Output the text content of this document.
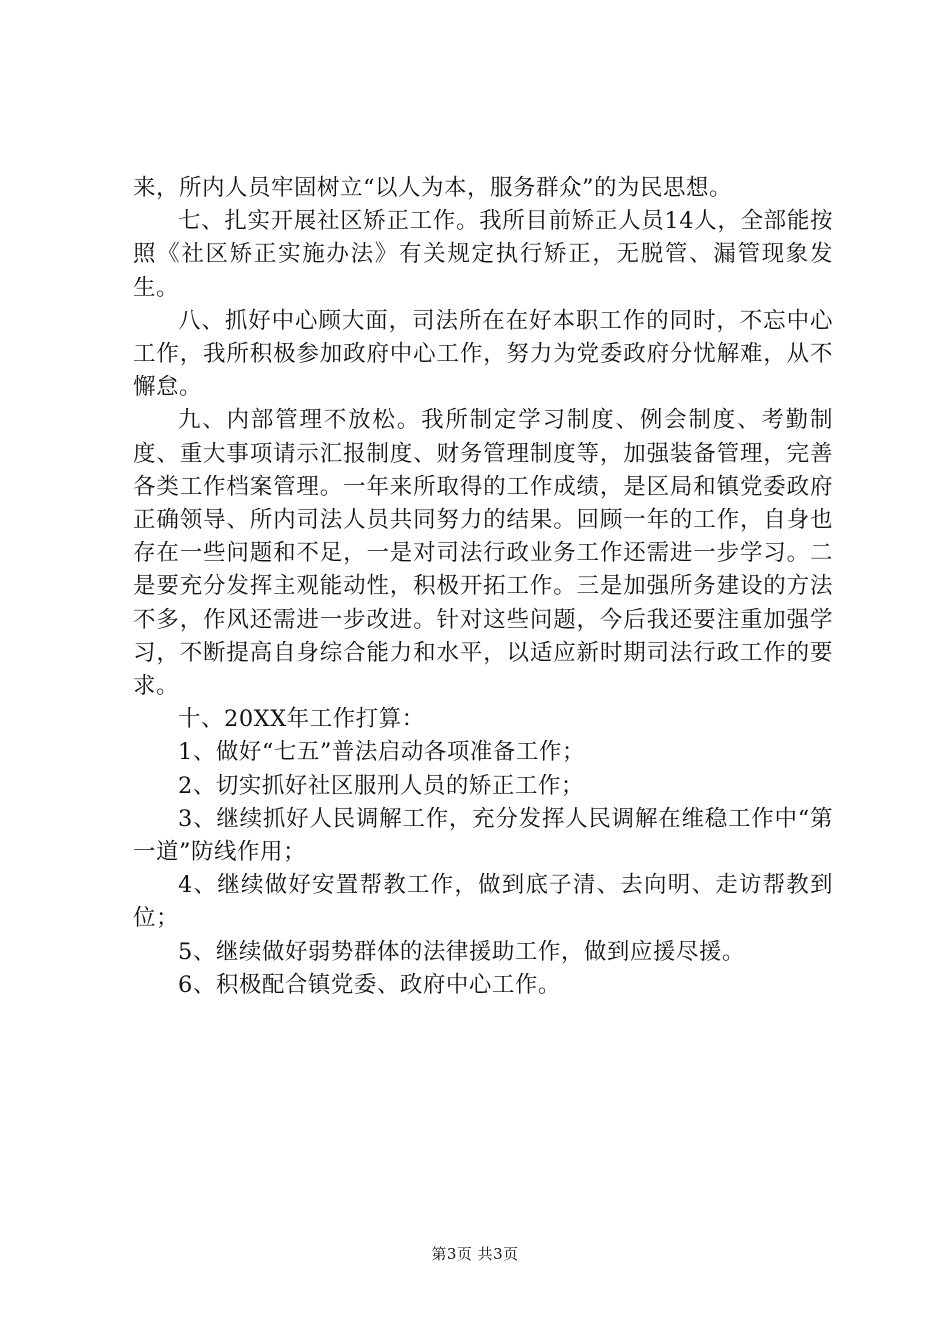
来，所内人员牢固树立“以人为本，服务群众”的为民思想。

七、扎实开展社区矫正工作。我所目前矫正人员14人，全部能按照《社区矫正实施办法》有关规定执行矫正，无脱管、漏管现象发生。

八、抓好中心顾大面，司法所在在好本职工作的同时，不忘中心工作，我所积极参加政府中心工作，努力为党委政府分忧解难，从不懈怠。

九、内部管理不放松。我所制定学习制度、例会制度、考勤制度、重大事项请示汇报制度、财务管理制度等，加强装备管理，完善各类工作档案管理。一年来所取得的工作成绩，是区局和镇党委政府正确领导、所内司法人员共同努力的结果。回顾一年的工作，自身也存在一些问题和不足，一是对司法行政业务工作还需进一步学习。二是要充分发挥主观能动性，积极开拓工作。三是加强所务建设的方法不多，作风还需进一步改进。针对这些问题，今后我还要注重加强学习，不断提高自身综合能力和水平，以适应新时期司法行政工作的要求。

十、20XX年工作打算：

1、做好“七五”普法启动各项准备工作；

2、切实抓好社区服刑人员的矫正工作；

3、继续抓好人民调解工作，充分发挥人民调解在维稳工作中“第一道”防线作用；

4、继续做好安置帮教工作，做到底子清、去向明、走访帮教到位；

5、继续做好弱势群体的法律援助工作，做到应援尽援。

6、积极配合镇党委、政府中心工作。

第3页 共3页
